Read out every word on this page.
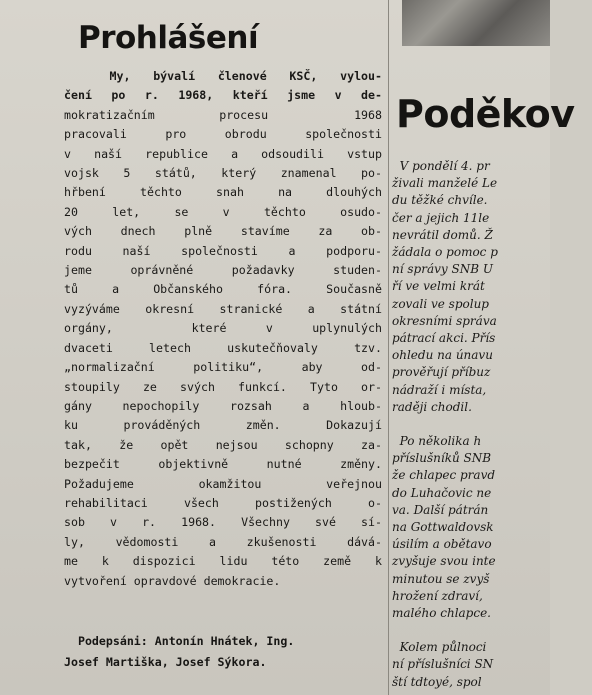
Prohlášení
My, bývalí členové KSČ, vylou-
čení po r. 1968, kteří jsme v de-
mokratizačním   procesu    1968
pracovali pro obrodu společnosti
v naší republice a odsoudili vstup
vojsk 5 států, který znamenal po-
hřbení těchto snah na dlouhých
20  let,  se  v  těchto  osudo-
vých dnech plně stavíme za ob-
rodu naší společnosti a podporu-
jeme oprávněné požadavky studen-
tů a Občanského fóra. Současně
vyzýváme okresní stranické a státní
orgány,  které v uplynulých
dvaceti letech uskutečňovaly tzv.
„normalizační politiku“, aby od-
stoupily ze svých funkcí. Tyto or-
gány nepochopily rozsah a hloub-
ku prováděných změn. Dokazují
tak, že opět nejsou schopny za-
bezpečit objektivně nutné změny.
Požadujeme okamžitou veřejnou
rehabilitaci všech postižených o-
sob v r. 1968. Všechny své sí-
ly, vědomosti a zkušenosti dává-
me k dispozici lidu této země k
vytvoření opravdové demokracie.
Podepsáni: Antonín Hnátek, Ing.
Josef Martiška, Josef Sýkora.
Poděkov
V pondělí 4. pr
živali manželé Le
du těžké chvíle.
čer a jejich 11le
nevrátil domů. Ž
žádala o pomoc p
ní správy SNB U
ří ve velmi krát
zovali ve spolup
okresními správa
pátrací akci. Přís
ohledu na únavu
prověřují příbuz
nádraží i místa,
raději chodil.
Po několika h
příslušníků SNB
že chlapec pravd
do Luhačovic ne
va. Další pátrán
na Gottwaldovsk
úsilím a obětavo
zvyšuje svou inte
minutou se zvyš
hrožení zdraví,
malého chlapce.
Kolem půlnoci
ní příslušníci SN
ští tdtoyé, spol
